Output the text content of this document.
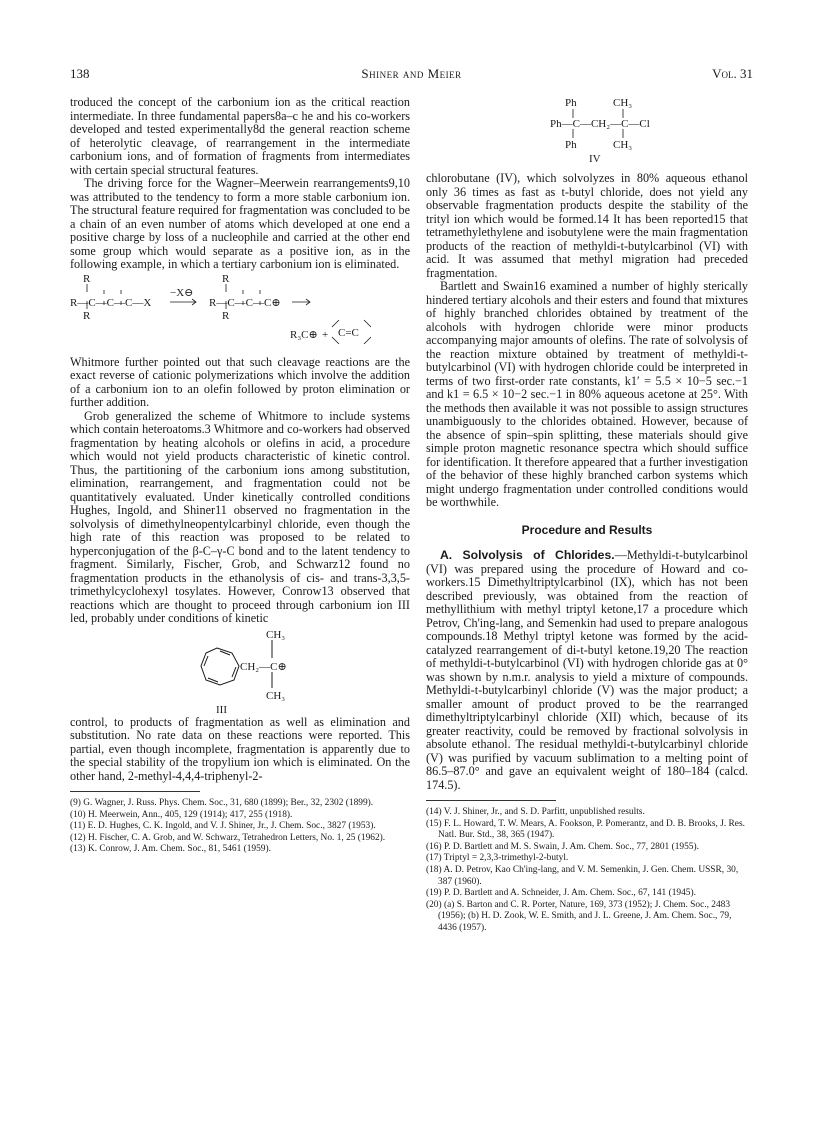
138	Shiner and Meier	Vol. 31

troduced the concept of the carbonium ion as the critical reaction intermediate. In three fundamental papers8a–c he and his co-workers developed and tested experimentally8d the general reaction scheme of heterolytic cleavage, of rearrangement in the intermediate carbonium ions, and of formation of fragments from intermediates with certain special structural features.

The driving force for the Wagner–Meerwein rearrangements9,10 was attributed to the tendency to form a more stable carbonium ion. The structural feature required for fragmentation was concluded to be a chain of an even number of atoms which developed at one end a positive charge by loss of a nucleophile and carried at the other end some group which would separate as a positive ion, as in the following example, in which a tertiary carbonium ion is eliminated.

R
R—C—C—C—X
R
−X⊖
R
R—C—C—C⊕
R
R₃C⊕ + C=C

Whitmore further pointed out that such cleavage reactions are the exact reverse of cationic polymerizations which involve the addition of a carbonium ion to an olefin followed by proton elimination or further addition.

Grob generalized the scheme of Whitmore to include systems which contain heteroatoms.3 Whitmore and co-workers had observed fragmentation by heating alcohols or olefins in acid, a procedure which would not yield products characteristic of kinetic control. Thus, the partitioning of the carbonium ions among substitution, elimination, rearrangement, and fragmentation could not be quantitatively evaluated. Under kinetically controlled conditions Hughes, Ingold, and Shiner11 observed no fragmentation in the solvolysis of dimethylneopentylcarbinyl chloride, even though the high rate of this reaction was proposed to be related to hyperconjugation of the β-C–γ-C bond and to the latent tendency to fragment. Similarly, Fischer, Grob, and Schwarz12 found no fragmentation products in the ethanolysis of cis- and trans-3,3,5-trimethylcyclohexyl tosylates. However, Conrow13 observed that reactions which are thought to proceed through carbonium ion III led, probably under conditions of kinetic

CH₃
CH₂—C⊕
CH₃
III

control, to products of fragmentation as well as elimination and substitution. No rate data on these reactions were reported. This partial, even though incomplete, fragmentation is apparently due to the special stability of the tropylium ion which is eliminated. On the other hand, 2-methyl-4,4,4-triphenyl-2-

(9) G. Wagner, J. Russ. Phys. Chem. Soc., 31, 680 (1899); Ber., 32, 2302 (1899).
(10) H. Meerwein, Ann., 405, 129 (1914); 417, 255 (1918).
(11) E. D. Hughes, C. K. Ingold, and V. J. Shiner, Jr., J. Chem. Soc., 3827 (1953).
(12) H. Fischer, C. A. Grob, and W. Schwarz, Tetrahedron Letters, No. 1, 25 (1962).
(13) K. Conrow, J. Am. Chem. Soc., 81, 5461 (1959).
Ph	CH₃
Ph—C—CH₂—C—Cl
Ph	CH₃
IV

chlorobutane (IV), which solvolyzes in 80% aqueous ethanol only 36 times as fast as t-butyl chloride, does not yield any observable fragmentation products despite the stability of the trityl ion which would be formed.14 It has been reported15 that tetramethylethylene and isobutylene were the main fragmentation products of the reaction of methyldi-t-butylcarbinol (VI) with acid. It was assumed that methyl migration had preceded fragmentation.

Bartlett and Swain16 examined a number of highly sterically hindered tertiary alcohols and their esters and found that mixtures of highly branched chlorides obtained by treatment of the alcohols with hydrogen chloride were minor products accompanying major amounts of olefins. The rate of solvolysis of the reaction mixture obtained by treatment of methyldi-t-butylcarbinol (VI) with hydrogen chloride could be interpreted in terms of two first-order rate constants, k1′ = 5.5 × 10−5 sec.−1 and k1 = 6.5 × 10−2 sec.−1 in 80% aqueous acetone at 25°. With the methods then available it was not possible to assign structures unambiguously to the chlorides obtained. However, because of the absence of spin–spin splitting, these materials should give simple proton magnetic resonance spectra which should suffice for identification. It therefore appeared that a further investigation of the behavior of these highly branched carbon systems which might undergo fragmentation under controlled conditions would be worthwhile.

Procedure and Results

A. Solvolysis of Chlorides.—Methyldi-t-butylcarbinol (VI) was prepared using the procedure of Howard and co-workers.15 Dimethyltriptylcarbinol (IX), which has not been described previously, was obtained from the reaction of methyllithium with methyl triptyl ketone,17 a procedure which Petrov, Ch'ing-lang, and Semenkin had used to prepare analogous compounds.18 Methyl triptyl ketone was formed by the acid-catalyzed rearrangement of di-t-butyl ketone.19,20 The reaction of methyldi-t-butylcarbinol (VI) with hydrogen chloride gas at 0° was shown by n.m.r. analysis to yield a mixture of compounds. Methyldi-t-butylcarbinyl chloride (V) was the major product; a smaller amount of product proved to be the rearranged dimethyltriptylcarbinyl chloride (XII) which, because of its greater reactivity, could be removed by fractional solvolysis in absolute ethanol. The residual methyldi-t-butylcarbinyl chloride (V) was purified by vacuum sublimation to a melting point of 86.5–87.0° and gave an equivalent weight of 180–184 (calcd. 174.5).

(14) V. J. Shiner, Jr., and S. D. Parfitt, unpublished results.
(15) F. L. Howard, T. W. Mears, A. Fookson, P. Pomerantz, and D. B. Brooks, J. Res. Natl. Bur. Std., 38, 365 (1947).
(16) P. D. Bartlett and M. S. Swain, J. Am. Chem. Soc., 77, 2801 (1955).
(17) Triptyl = 2,3,3-trimethyl-2-butyl.
(18) A. D. Petrov, Kao Ch'ing-lang, and V. M. Semenkin, J. Gen. Chem. USSR, 30, 387 (1960).
(19) P. D. Bartlett and A. Schneider, J. Am. Chem. Soc., 67, 141 (1945).
(20) (a) S. Barton and C. R. Porter, Nature, 169, 373 (1952); J. Chem. Soc., 2483 (1956); (b) H. D. Zook, W. E. Smith, and J. L. Greene, J. Am. Chem. Soc., 79, 4436 (1957).
